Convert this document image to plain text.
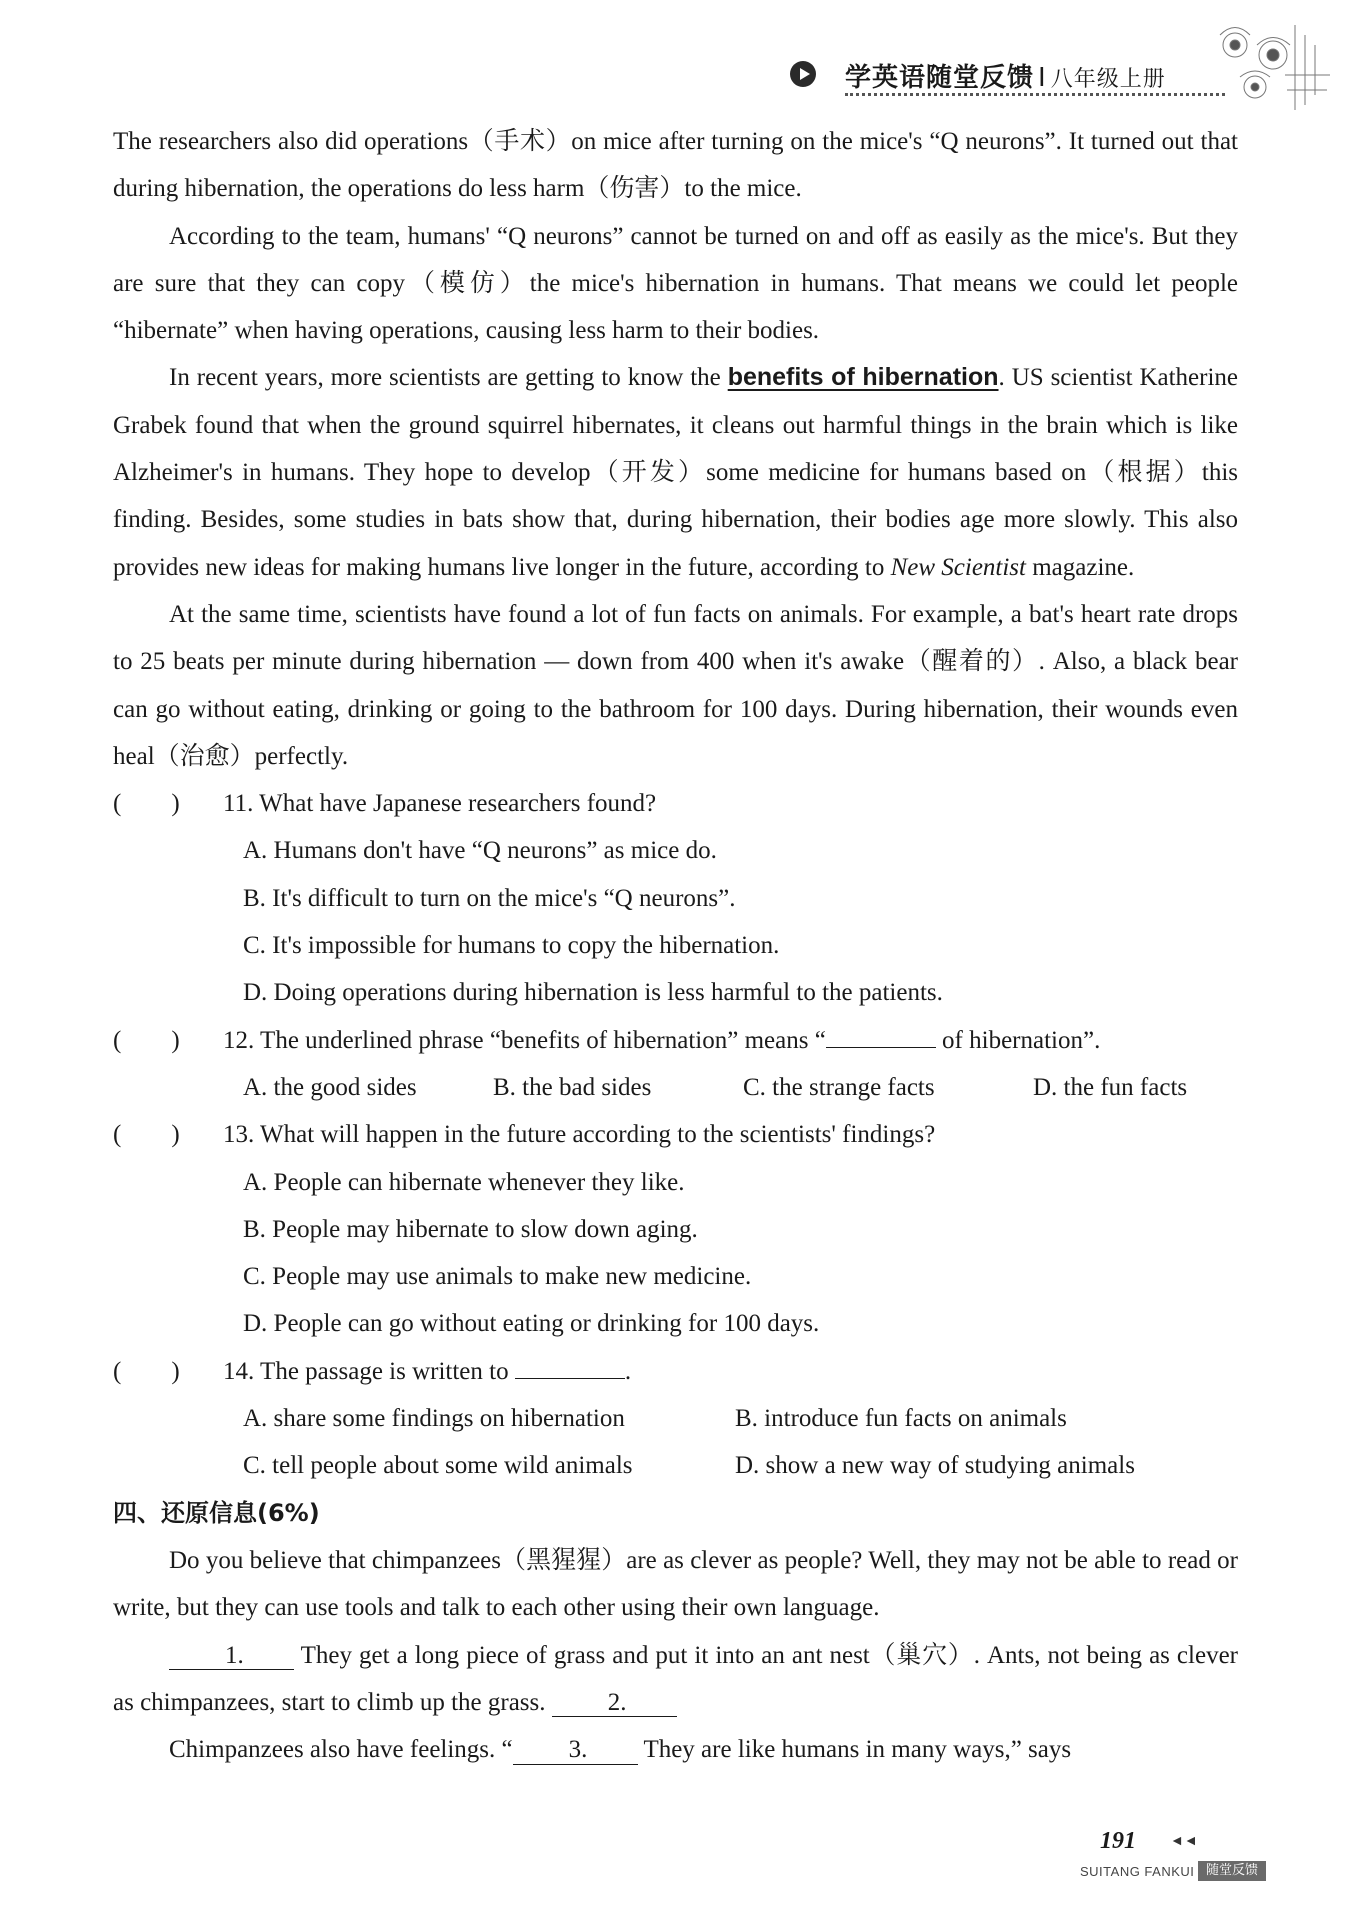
学英语随堂反馈 I 八年级上册

The researchers also did operations（手术）on mice after turning on the mice's “Q neurons”. It turned out that during hibernation, the operations do less harm（伤害）to the mice.

According to the team, humans' “Q neurons” cannot be turned on and off as easily as the mice's. But they are sure that they can copy（模仿）the mice's hibernation in humans. That means we could let people “hibernate” when having operations, causing less harm to their bodies.

In recent years, more scientists are getting to know the benefits of hibernation. US scientist Katherine Grabek found that when the ground squirrel hibernates, it cleans out harmful things in the brain which is like Alzheimer's in humans. They hope to develop（开发）some medicine for humans based on（根据）this finding. Besides, some studies in bats show that, during hibernation, their bodies age more slowly. This also provides new ideas for making humans live longer in the future, according to New Scientist magazine.

At the same time, scientists have found a lot of fun facts on animals. For example, a bat's heart rate drops to 25 beats per minute during hibernation — down from 400 when it's awake（醒着的）. Also, a black bear can go without eating, drinking or going to the bathroom for 100 days. During hibernation, their wounds even heal（治愈）perfectly.

(　　) 11. What have Japanese researchers found?

A. Humans don't have “Q neurons” as mice do.

B. It's difficult to turn on the mice's “Q neurons”.

C. It's impossible for humans to copy the hibernation.

D. Doing operations during hibernation is less harmful to the patients.

(　　) 12. The underlined phrase “benefits of hibernation” means “	of hibernation”.

A. the good sides	B. the bad sides	C. the strange facts	D. the fun facts

(　　) 13. What will happen in the future according to the scientists' findings?

A. People can hibernate whenever they like.

B. People may hibernate to slow down aging.

C. People may use animals to make new medicine.

D. People can go without eating or drinking for 100 days.

(　　) 14. The passage is written to	.

A. share some findings on hibernation	B. introduce fun facts on animals

C. tell people about some wild animals	D. show a new way of studying animals

四、还原信息(6%)

Do you believe that chimpanzees（黑猩猩）are as clever as people? Well, they may not be able to read or write, but they can use tools and talk to each other using their own language.

1. They get a long piece of grass and put it into an ant nest（巢穴）. Ants, not being as clever as chimpanzees, start to climb up the grass. 2.

Chimpanzees also have feelings. “ 3. They are like humans in many ways,” says

191 ◄◄
SUITANG FANKUI 随堂反馈
